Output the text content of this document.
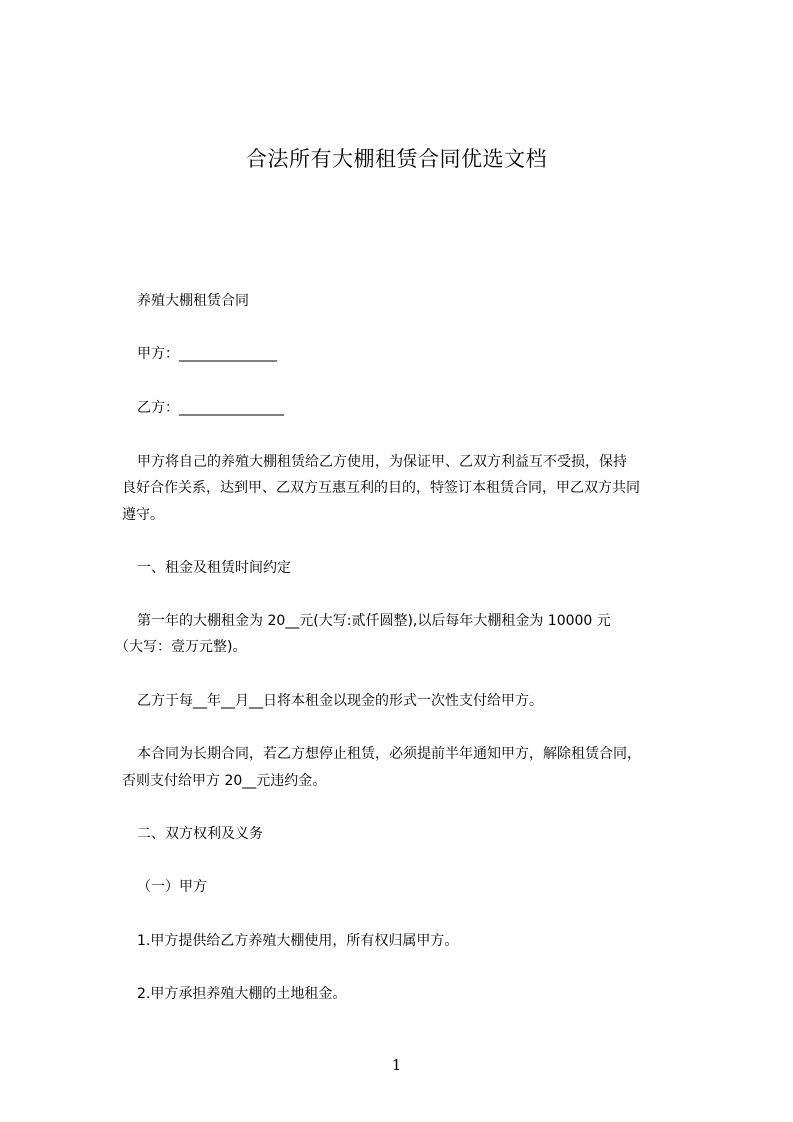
合法所有大棚租赁合同优选文档
养殖大棚租赁合同
甲方：______________
乙方：_______________
甲方将自己的养殖大棚租赁给乙方使用，为保证甲、乙双方利益互不受损，保持
良好合作关系，达到甲、乙双方互惠互利的目的，特签订本租赁合同，甲乙双方共同
遵守。
一、租金及租赁时间约定
第一年的大棚租金为 20__元(大写:贰仟圆整),以后每年大棚租金为 10000 元
（大写：壹万元整)。
乙方于每__年__月__日将本租金以现金的形式一次性支付给甲方。
本合同为长期合同，若乙方想停止租赁，必须提前半年通知甲方，解除租赁合同，
否则支付给甲方 20__元违约金。
二、双方权利及义务
（一）甲方
1.甲方提供给乙方养殖大棚使用，所有权归属甲方。
2.甲方承担养殖大棚的土地租金。
1
